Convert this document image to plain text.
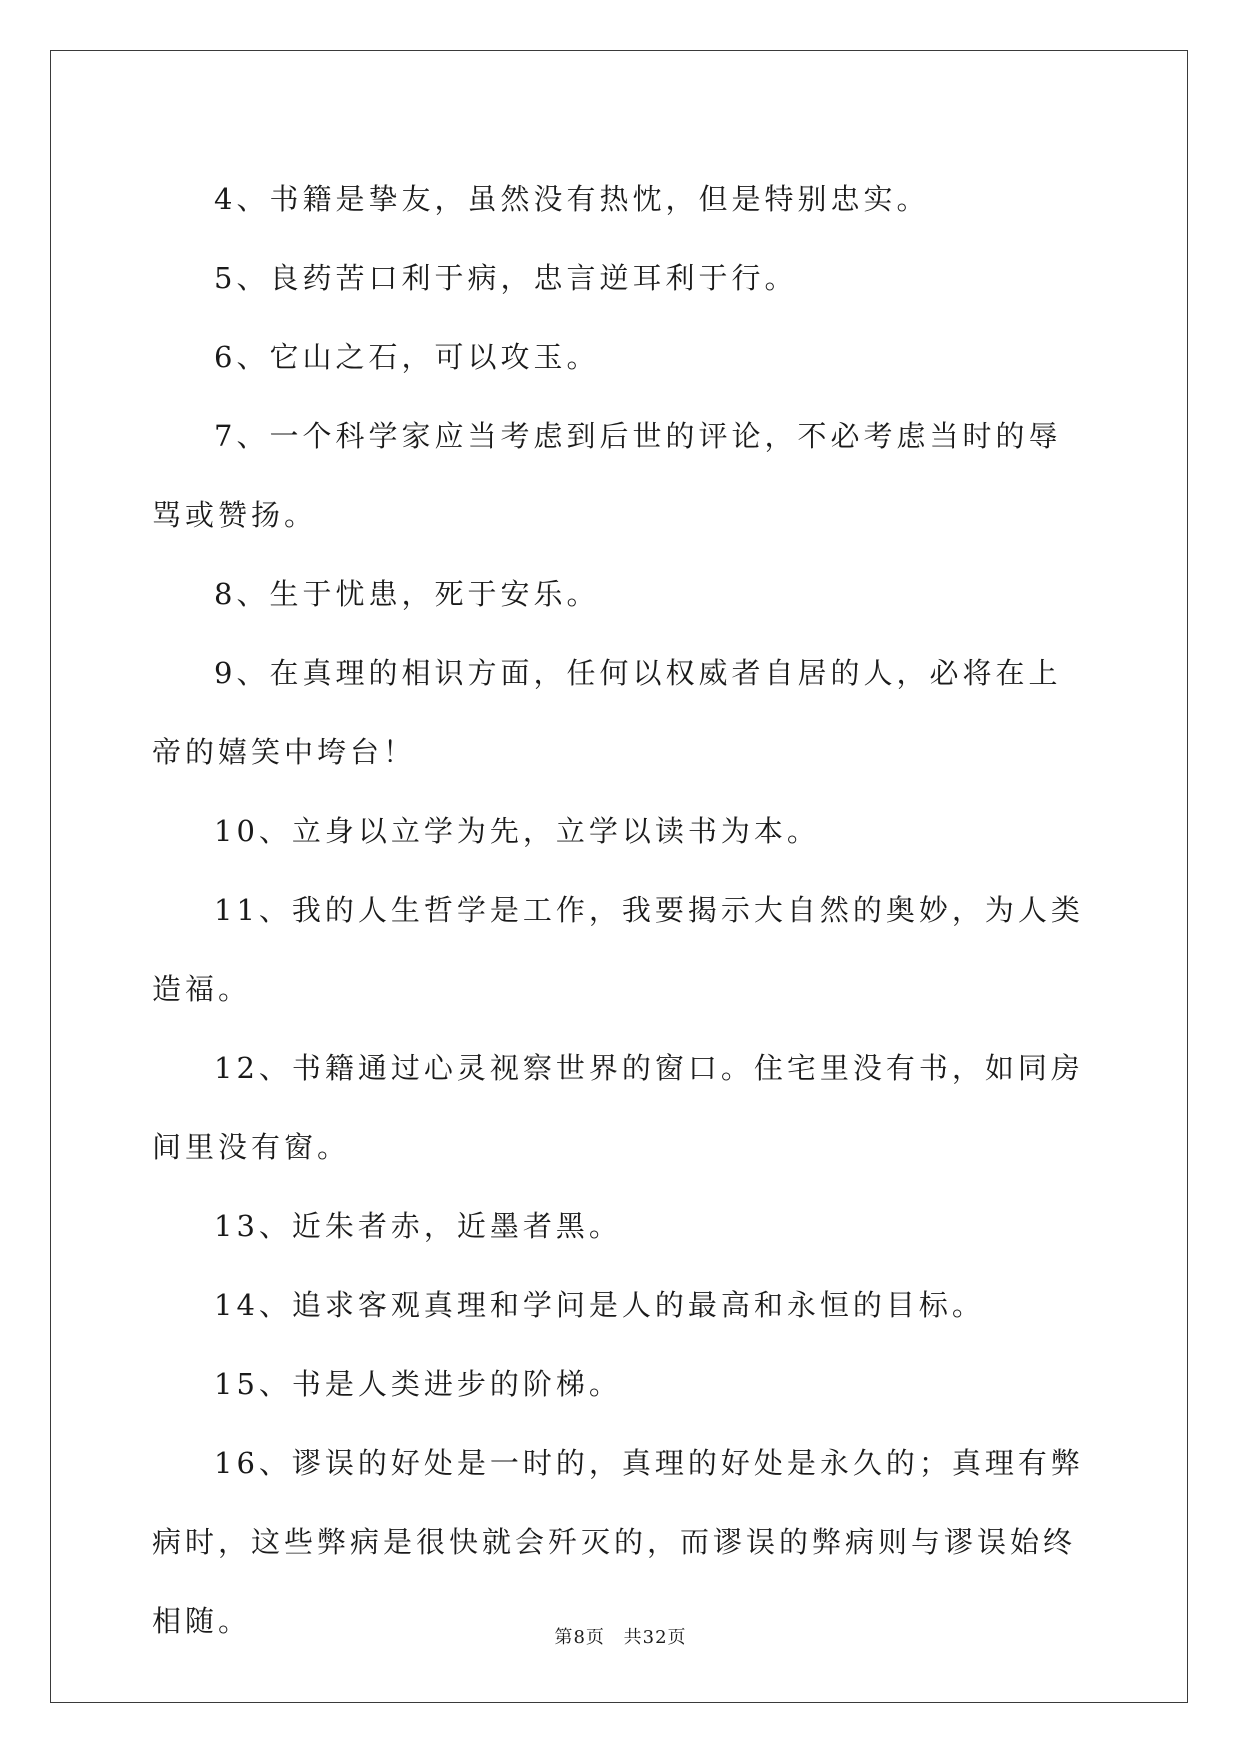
4、书籍是挚友，虽然没有热忱，但是特别忠实。

5、良药苦口利于病，忠言逆耳利于行。

6、它山之石，可以攻玉。

7、一个科学家应当考虑到后世的评论，不必考虑当时的辱骂或赞扬。

8、生于忧患，死于安乐。

9、在真理的相识方面，任何以权威者自居的人，必将在上帝的嬉笑中垮台！

10、立身以立学为先，立学以读书为本。

11、我的人生哲学是工作，我要揭示大自然的奥妙，为人类造福。

12、书籍通过心灵视察世界的窗口。住宅里没有书，如同房间里没有窗。

13、近朱者赤，近墨者黑。

14、追求客观真理和学问是人的最高和永恒的目标。

15、书是人类进步的阶梯。

16、谬误的好处是一时的，真理的好处是永久的；真理有弊病时，这些弊病是很快就会歼灭的，而谬误的弊病则与谬误始终相随。	第8页 共32页
